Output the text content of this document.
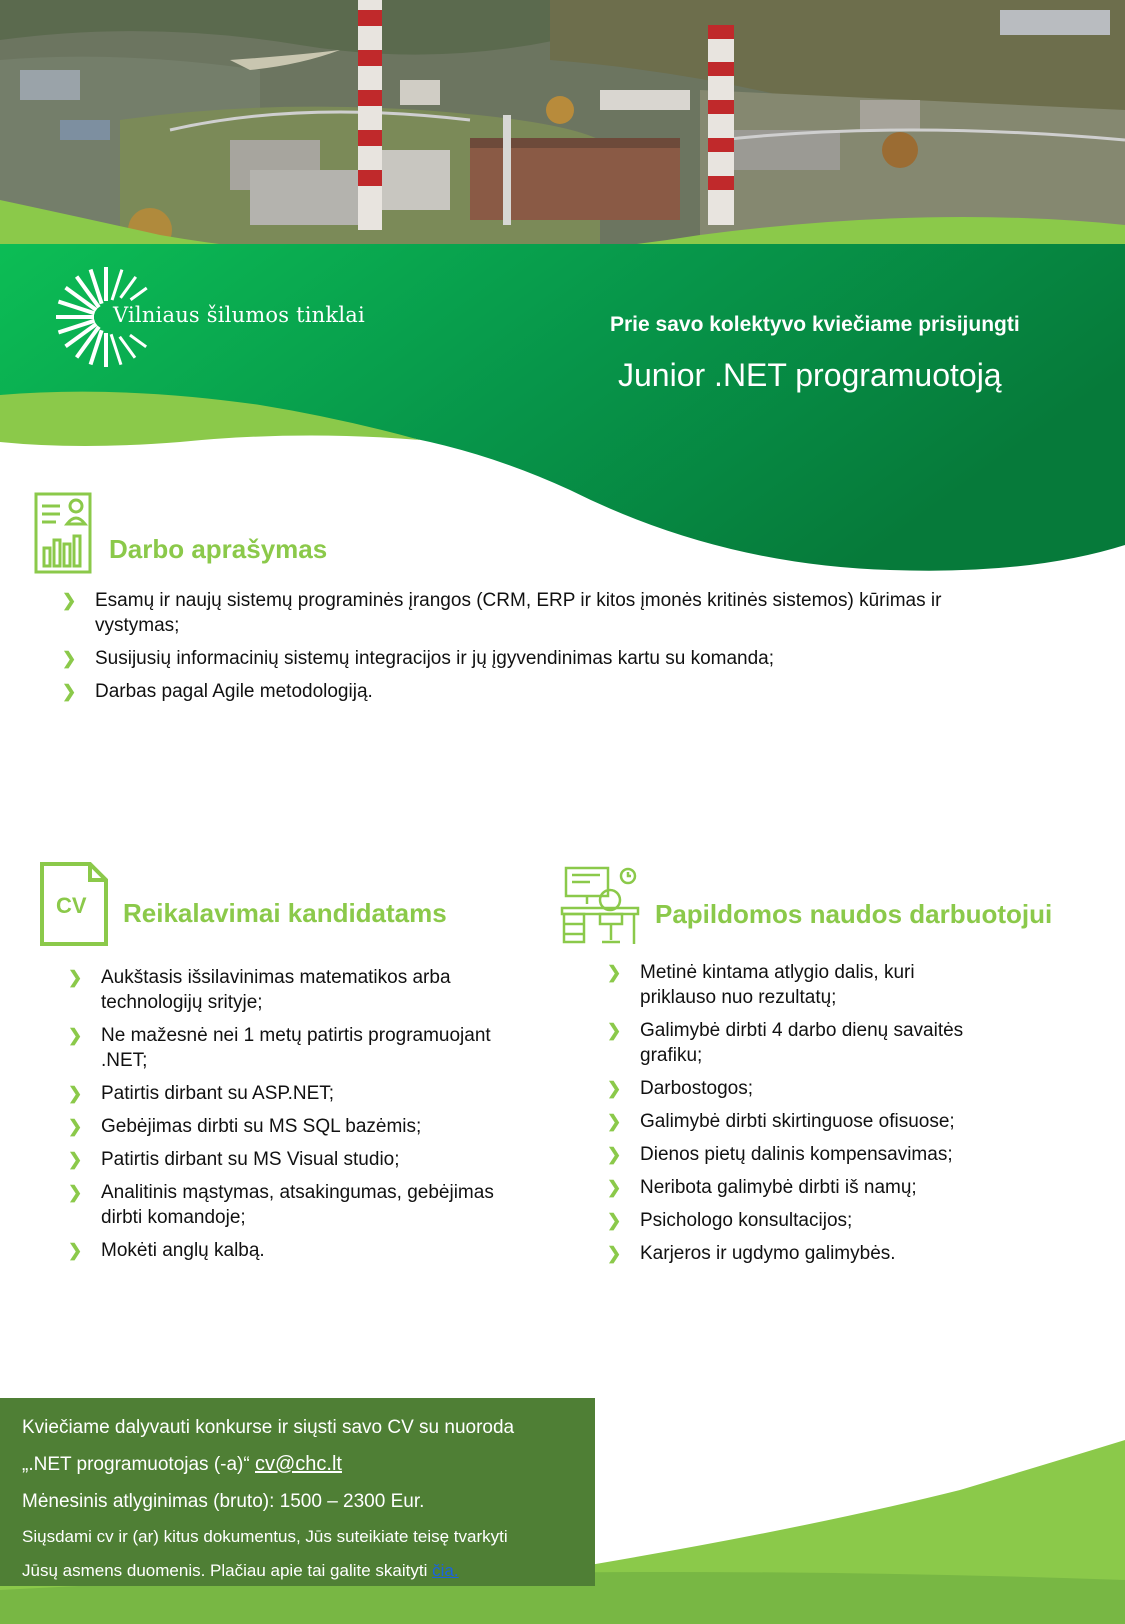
Vilniaus šilumos tinklai	Prie savo kolektyvo kviečiame prisijungti
Junior .NET programuotoją
Darbo aprašymas
❯ Esamų ir naujų sistemų programinės įrangos (CRM, ERP ir kitos įmonės kritinės sistemos) kūrimas ir
vystymas;
❯ Susijusių informacinių sistemų integracijos ir jų įgyvendinimas kartu su komanda;
❯ Darbas pagal Agile metodologiją.
CV Reikalavimai kandidatams
❯ Aukštasis išsilavinimas matematikos arba
technologijų srityje;
❯ Ne mažesnė nei 1 metų patirtis programuojant
.NET;
❯ Patirtis dirbant su ASP.NET;
❯ Gebėjimas dirbti su MS SQL bazėmis;
❯ Patirtis dirbant su MS Visual studio;
❯ Analitinis mąstymas, atsakingumas, gebėjimas
dirbti komandoje;
❯ Mokėti anglų kalbą.
Papildomos naudos darbuotojui
❯ Metinė kintama atlygio dalis, kuri
priklauso nuo rezultatų;
❯ Galimybė dirbti 4 darbo dienų savaitės
grafiku;
❯ Darbostogos;
❯ Galimybė dirbti skirtinguose ofisuose;
❯ Dienos pietų dalinis kompensavimas;
❯ Neribota galimybė dirbti iš namų;
❯ Psichologo konsultacijos;
❯ Karjeros ir ugdymo galimybės.

Kviečiame dalyvauti konkurse ir siųsti savo CV su nuoroda

„.NET programuotojas (-a)“ cv@chc.lt

Mėnesinis atlyginimas (bruto): 1500 – 2300 Eur.

Siųsdami cv ir (ar) kitus dokumentus, Jūs suteikiate teisę tvarkyti

Jūsų asmens duomenis. Plačiau apie tai galite skaityti čia.
